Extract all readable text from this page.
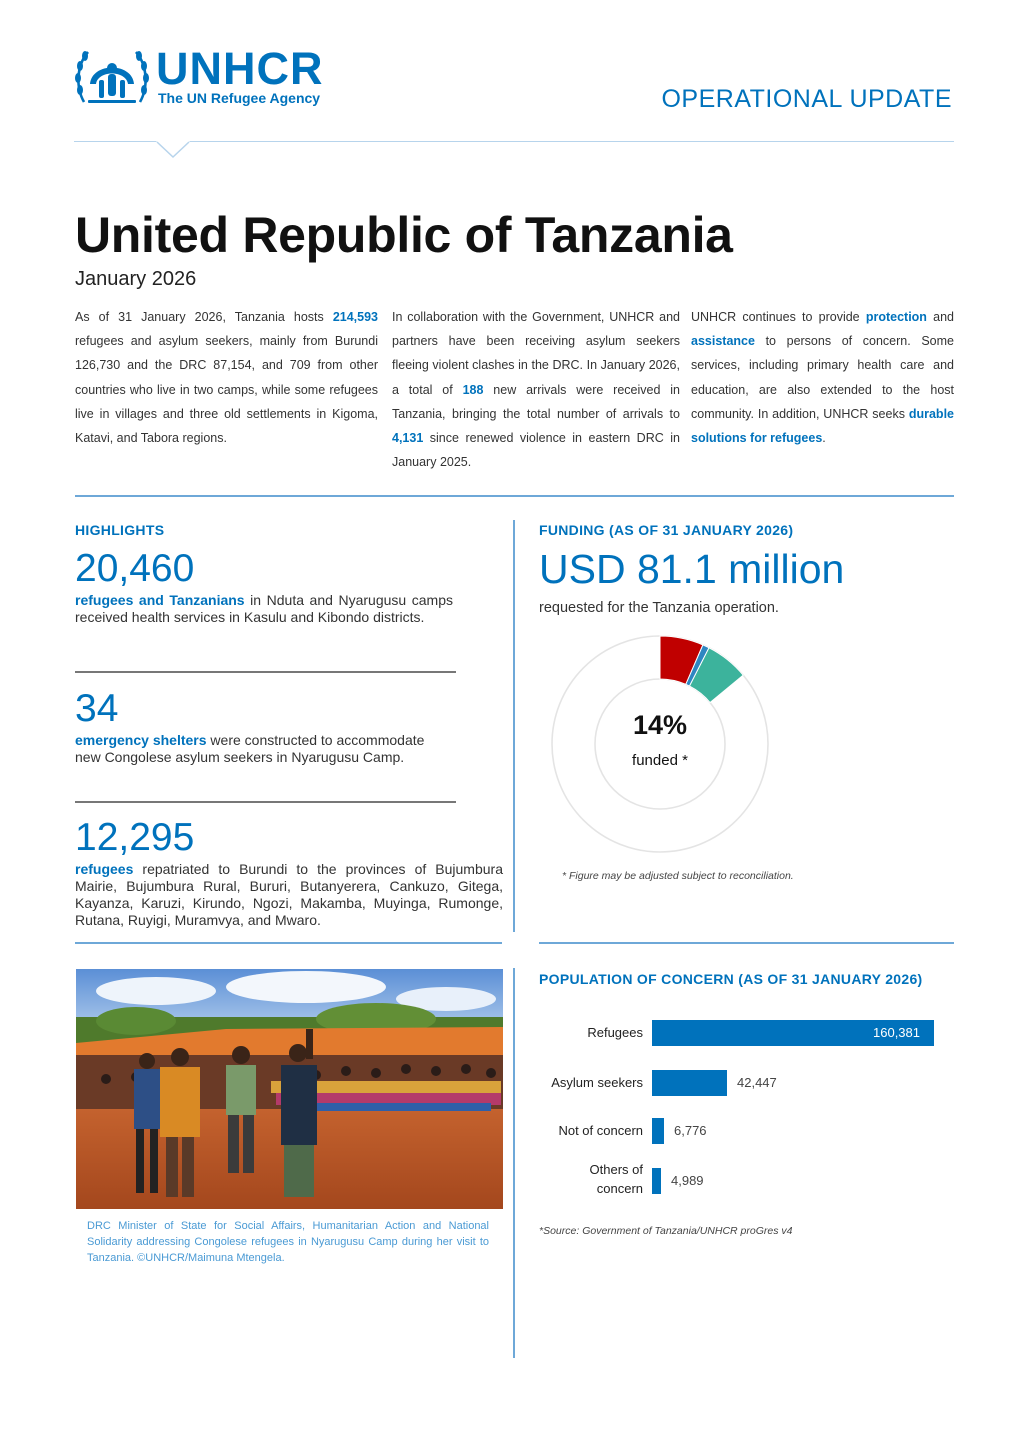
UNHCR
The UN Refugee Agency	OPERATIONAL UPDATE
United Republic of Tanzania
January 2026

As of 31 January 2026, Tanzania hosts 214,593 refugees and asylum seekers, mainly from Burundi 126,730 and the DRC 87,154, and 709 from other countries who live in two camps, while some refugees live in villages and three old settlements in Kigoma, Katavi, and Tabora regions.

In collaboration with the Government, UNHCR and partners have been receiving asylum seekers fleeing violent clashes in the DRC. In January 2026, a total of 188 new arrivals were received in Tanzania, bringing the total number of arrivals to 4,131 since renewed violence in eastern DRC in January 2025.

UNHCR continues to provide protection and assistance to persons of concern. Some services, including primary health care and education, are also extended to the host community. In addition, UNHCR seeks durable solutions for refugees.

HIGHLIGHTS
20,460
refugees and Tanzanians in Nduta and Nyarugusu camps received health services in Kasulu and Kibondo districts.
34
emergency shelters were constructed to accommodate new Congolese asylum seekers in Nyarugusu Camp.
12,295
refugees repatriated to Burundi to the provinces of Bujumbura Mairie, Bujumbura Rural, Bururi, Butanyerera, Cankuzo, Gitega, Kayanza, Karuzi, Kirundo, Ngozi, Makamba, Muyinga, Rumonge, Rutana, Ruyigi, Muramvya, and Mwaro.
FUNDING (AS OF 31 JANUARY 2026)
USD 81.1 million
requested for the Tanzania operation.
14%
funded *
* Figure may be adjusted subject to reconciliation.
DRC Minister of State for Social Affairs, Humanitarian Action and National Solidarity addressing Congolese refugees in Nyarugusu Camp during her visit to Tanzania. ©UNHCR/Maimuna Mtengela.
POPULATION OF CONCERN (AS OF 31 JANUARY 2026)
Refugees	160,381
Asylum seekers	42,447
Not of concern 6,776
Others of concern
4,989
*Source: Government of Tanzania/UNHCR proGres v4
